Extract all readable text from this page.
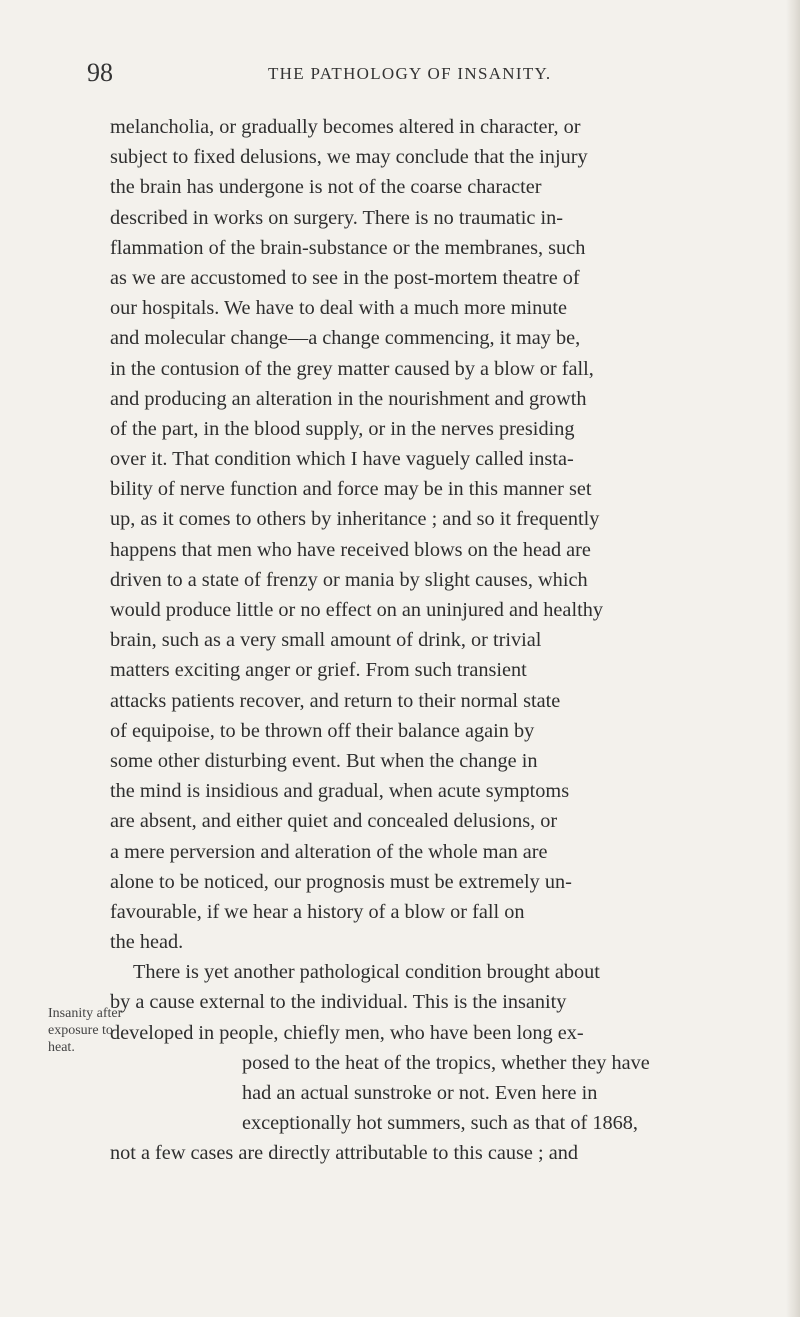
98	THE PATHOLOGY OF INSANITY.
melancholia, or gradually becomes altered in character, or
subject to fixed delusions, we may conclude that the injury
the brain has undergone is not of the coarse character
described in works on surgery. There is no traumatic in-
flammation of the brain-substance or the membranes, such
as we are accustomed to see in the post-mortem theatre of
our hospitals. We have to deal with a much more minute
and molecular change—a change commencing, it may be,
in the contusion of the grey matter caused by a blow or fall,
and producing an alteration in the nourishment and growth
of the part, in the blood supply, or in the nerves presiding
over it. That condition which I have vaguely called insta-
bility of nerve function and force may be in this manner set
up, as it comes to others by inheritance ; and so it frequently
happens that men who have received blows on the head are
driven to a state of frenzy or mania by slight causes, which
would produce little or no effect on an uninjured and healthy
brain, such as a very small amount of drink, or trivial
matters exciting anger or grief. From such transient
attacks patients recover, and return to their normal state
of equipoise, to be thrown off their balance again by
some other disturbing event. But when the change in
the mind is insidious and gradual, when acute symptoms
are absent, and either quiet and concealed delusions, or
a mere perversion and alteration of the whole man are
alone to be noticed, our prognosis must be extremely un-
favourable, if we hear a history of a blow or fall on
the head.
There is yet another pathological condition brought about
by a cause external to the individual. This is the insanity
developed in people, chiefly men, who have been long ex-
posed to the heat of the tropics, whether they have
had an actual sunstroke or not. Even here in
exceptionally hot summers, such as that of 1868,
not a few cases are directly attributable to this cause ; and
Insanity after
exposure to
heat.
